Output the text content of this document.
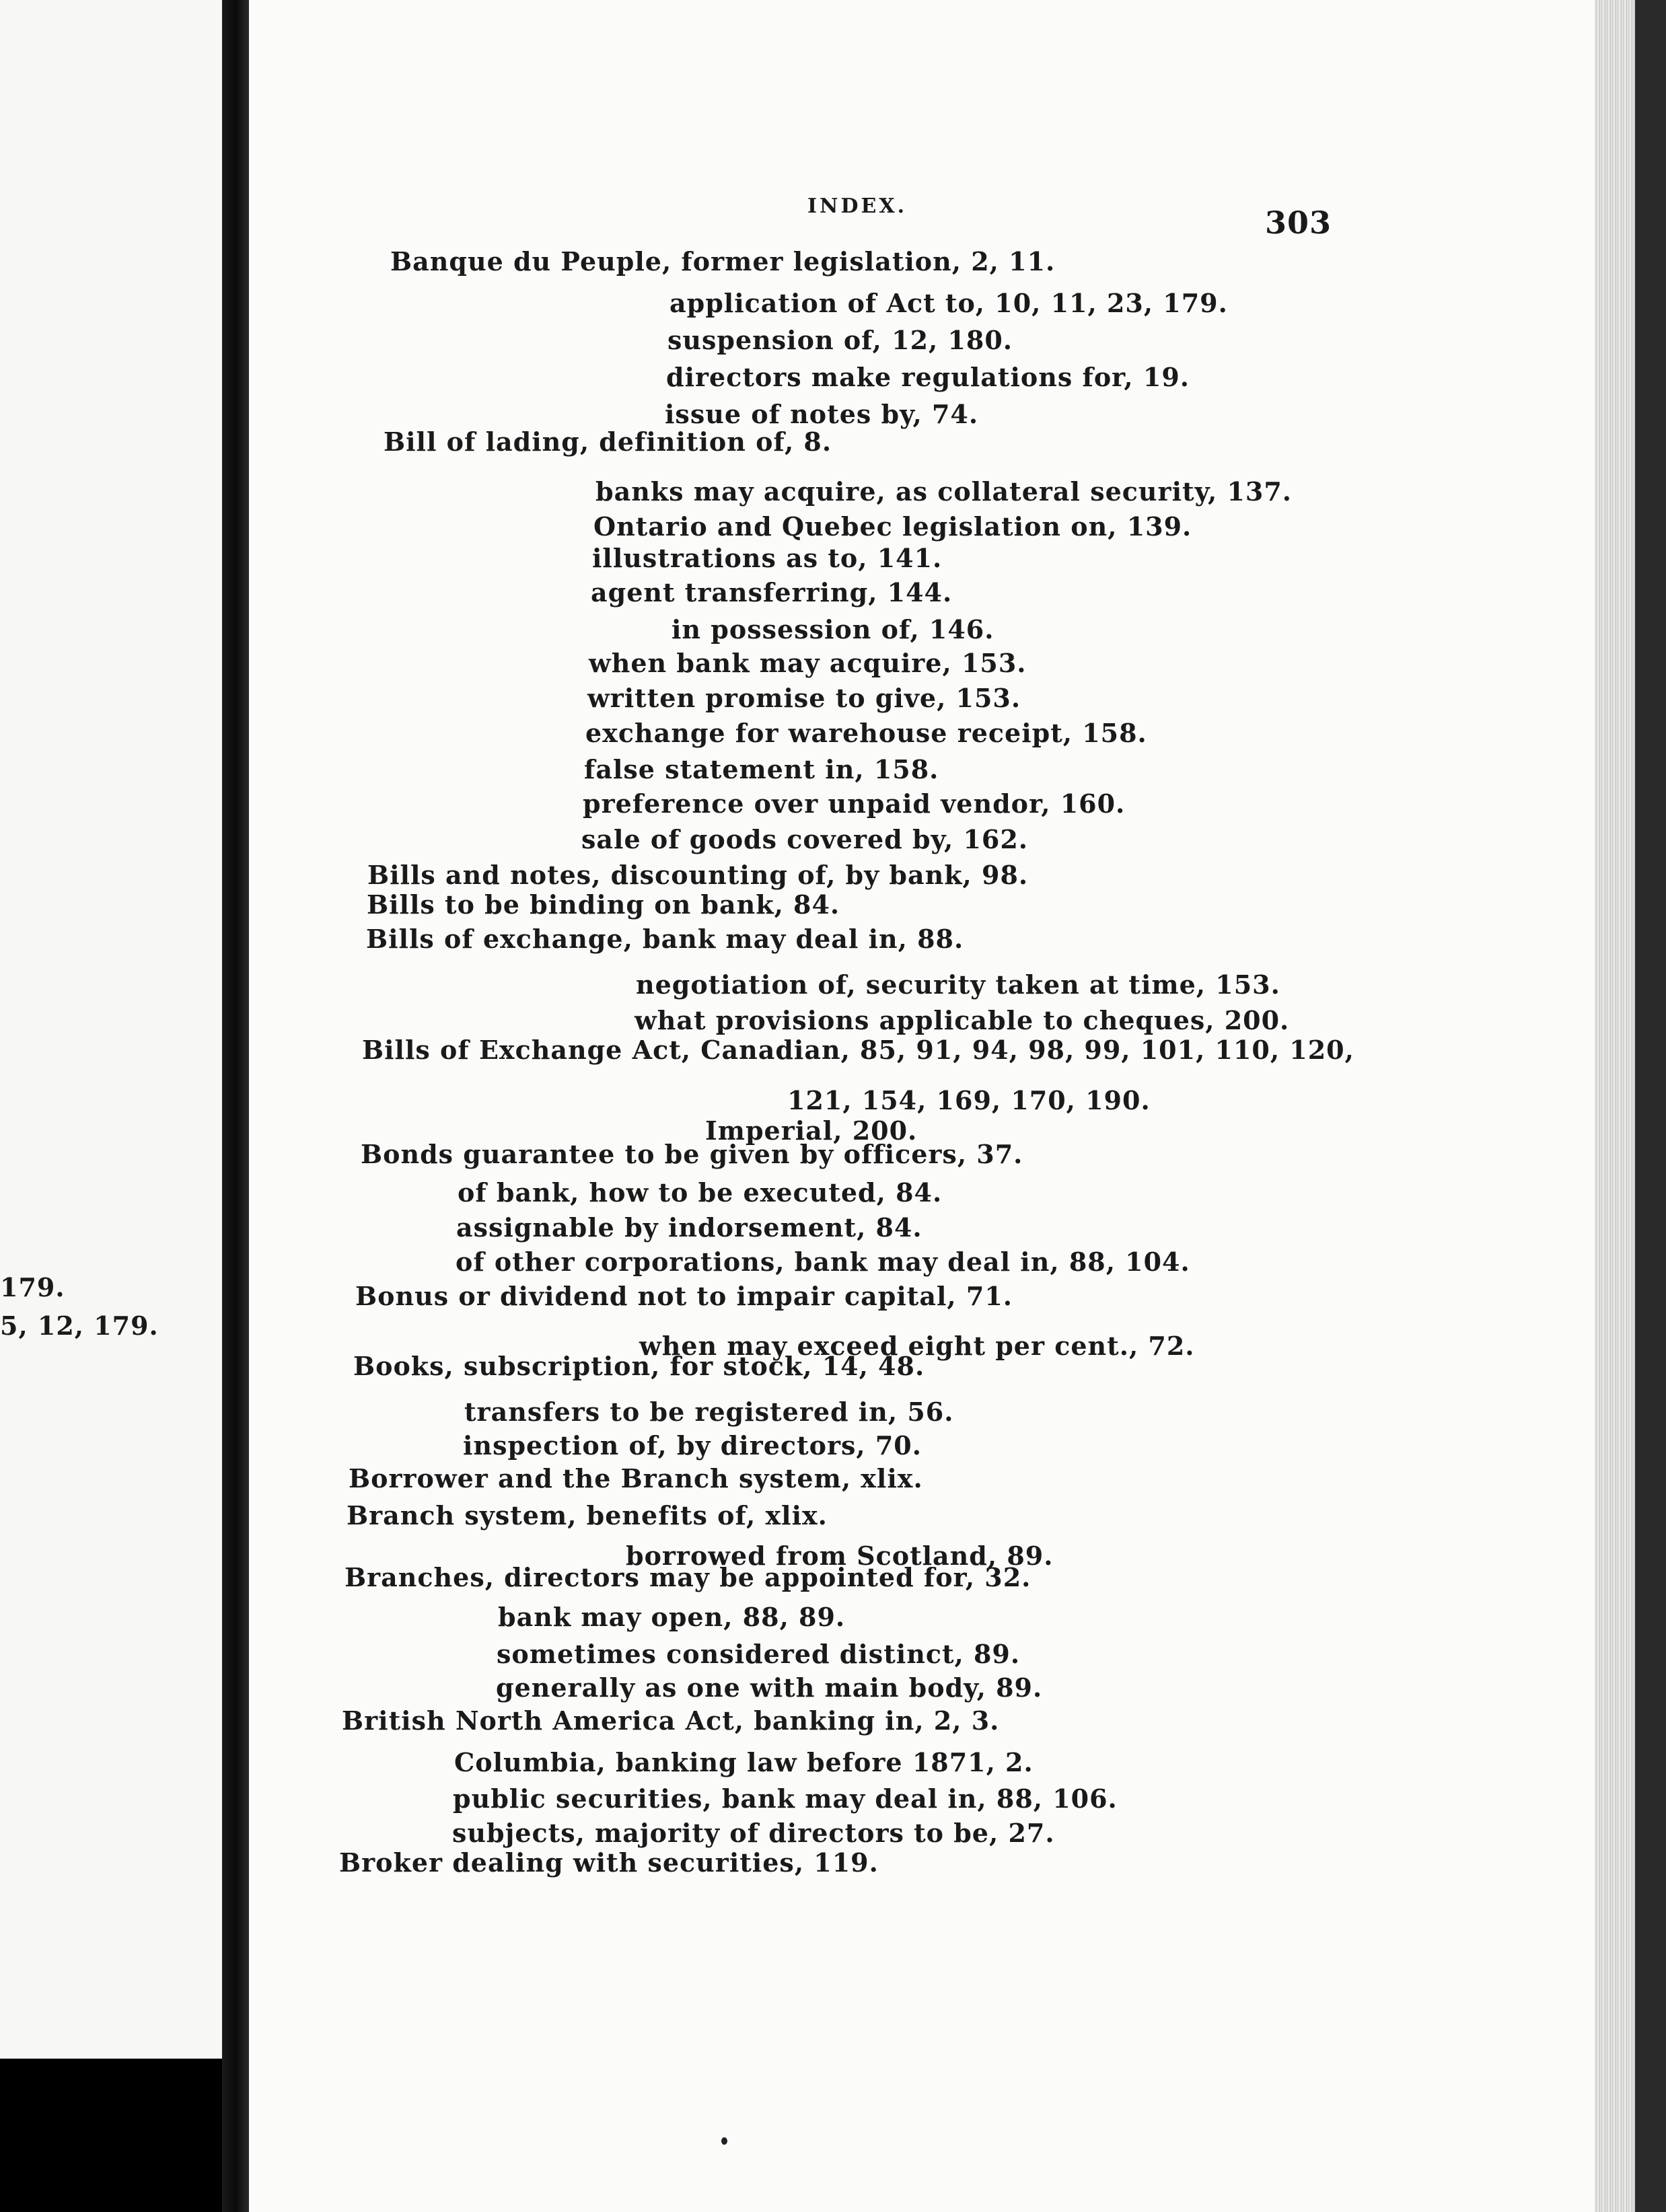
179.
5, 12, 179.
INDEX.	303
Banque du Peuple, former legislation, 2, 11.
application of Act to, 10, 11, 23, 179.
suspension of, 12, 180.
directors make regulations for, 19.
issue of notes by, 74.
Bill of lading, definition of, 8.
banks may acquire, as collateral security, 137.
Ontario and Quebec legislation on, 139.
illustrations as to, 141.
agent transferring, 144.
in possession of, 146.
when bank may acquire, 153.
written promise to give, 153.
exchange for warehouse receipt, 158.
false statement in, 158.
preference over unpaid vendor, 160.
sale of goods covered by, 162.
Bills and notes, discounting of, by bank, 98.
Bills to be binding on bank, 84.
Bills of exchange, bank may deal in, 88.
negotiation of, security taken at time, 153.
what provisions applicable to cheques, 200.
Bills of Exchange Act, Canadian, 85, 91, 94, 98, 99, 101, 110, 120,
121, 154, 169, 170, 190.
Imperial, 200.
Bonds guarantee to be given by officers, 37.
of bank, how to be executed, 84.
assignable by indorsement, 84.
of other corporations, bank may deal in, 88, 104.
Bonus or dividend not to impair capital, 71.
when may exceed eight per cent., 72.
Books, subscription, for stock, 14, 48.
transfers to be registered in, 56.
inspection of, by directors, 70.
Borrower and the Branch system, xlix.
Branch system, benefits of, xlix.
borrowed from Scotland, 89.
Branches, directors may be appointed for, 32.
bank may open, 88, 89.
sometimes considered distinct, 89.
generally as one with main body, 89.
British North America Act, banking in, 2, 3.
Columbia, banking law before 1871, 2.
public securities, bank may deal in, 88, 106.
subjects, majority of directors to be, 27.
Broker dealing with securities, 119.
